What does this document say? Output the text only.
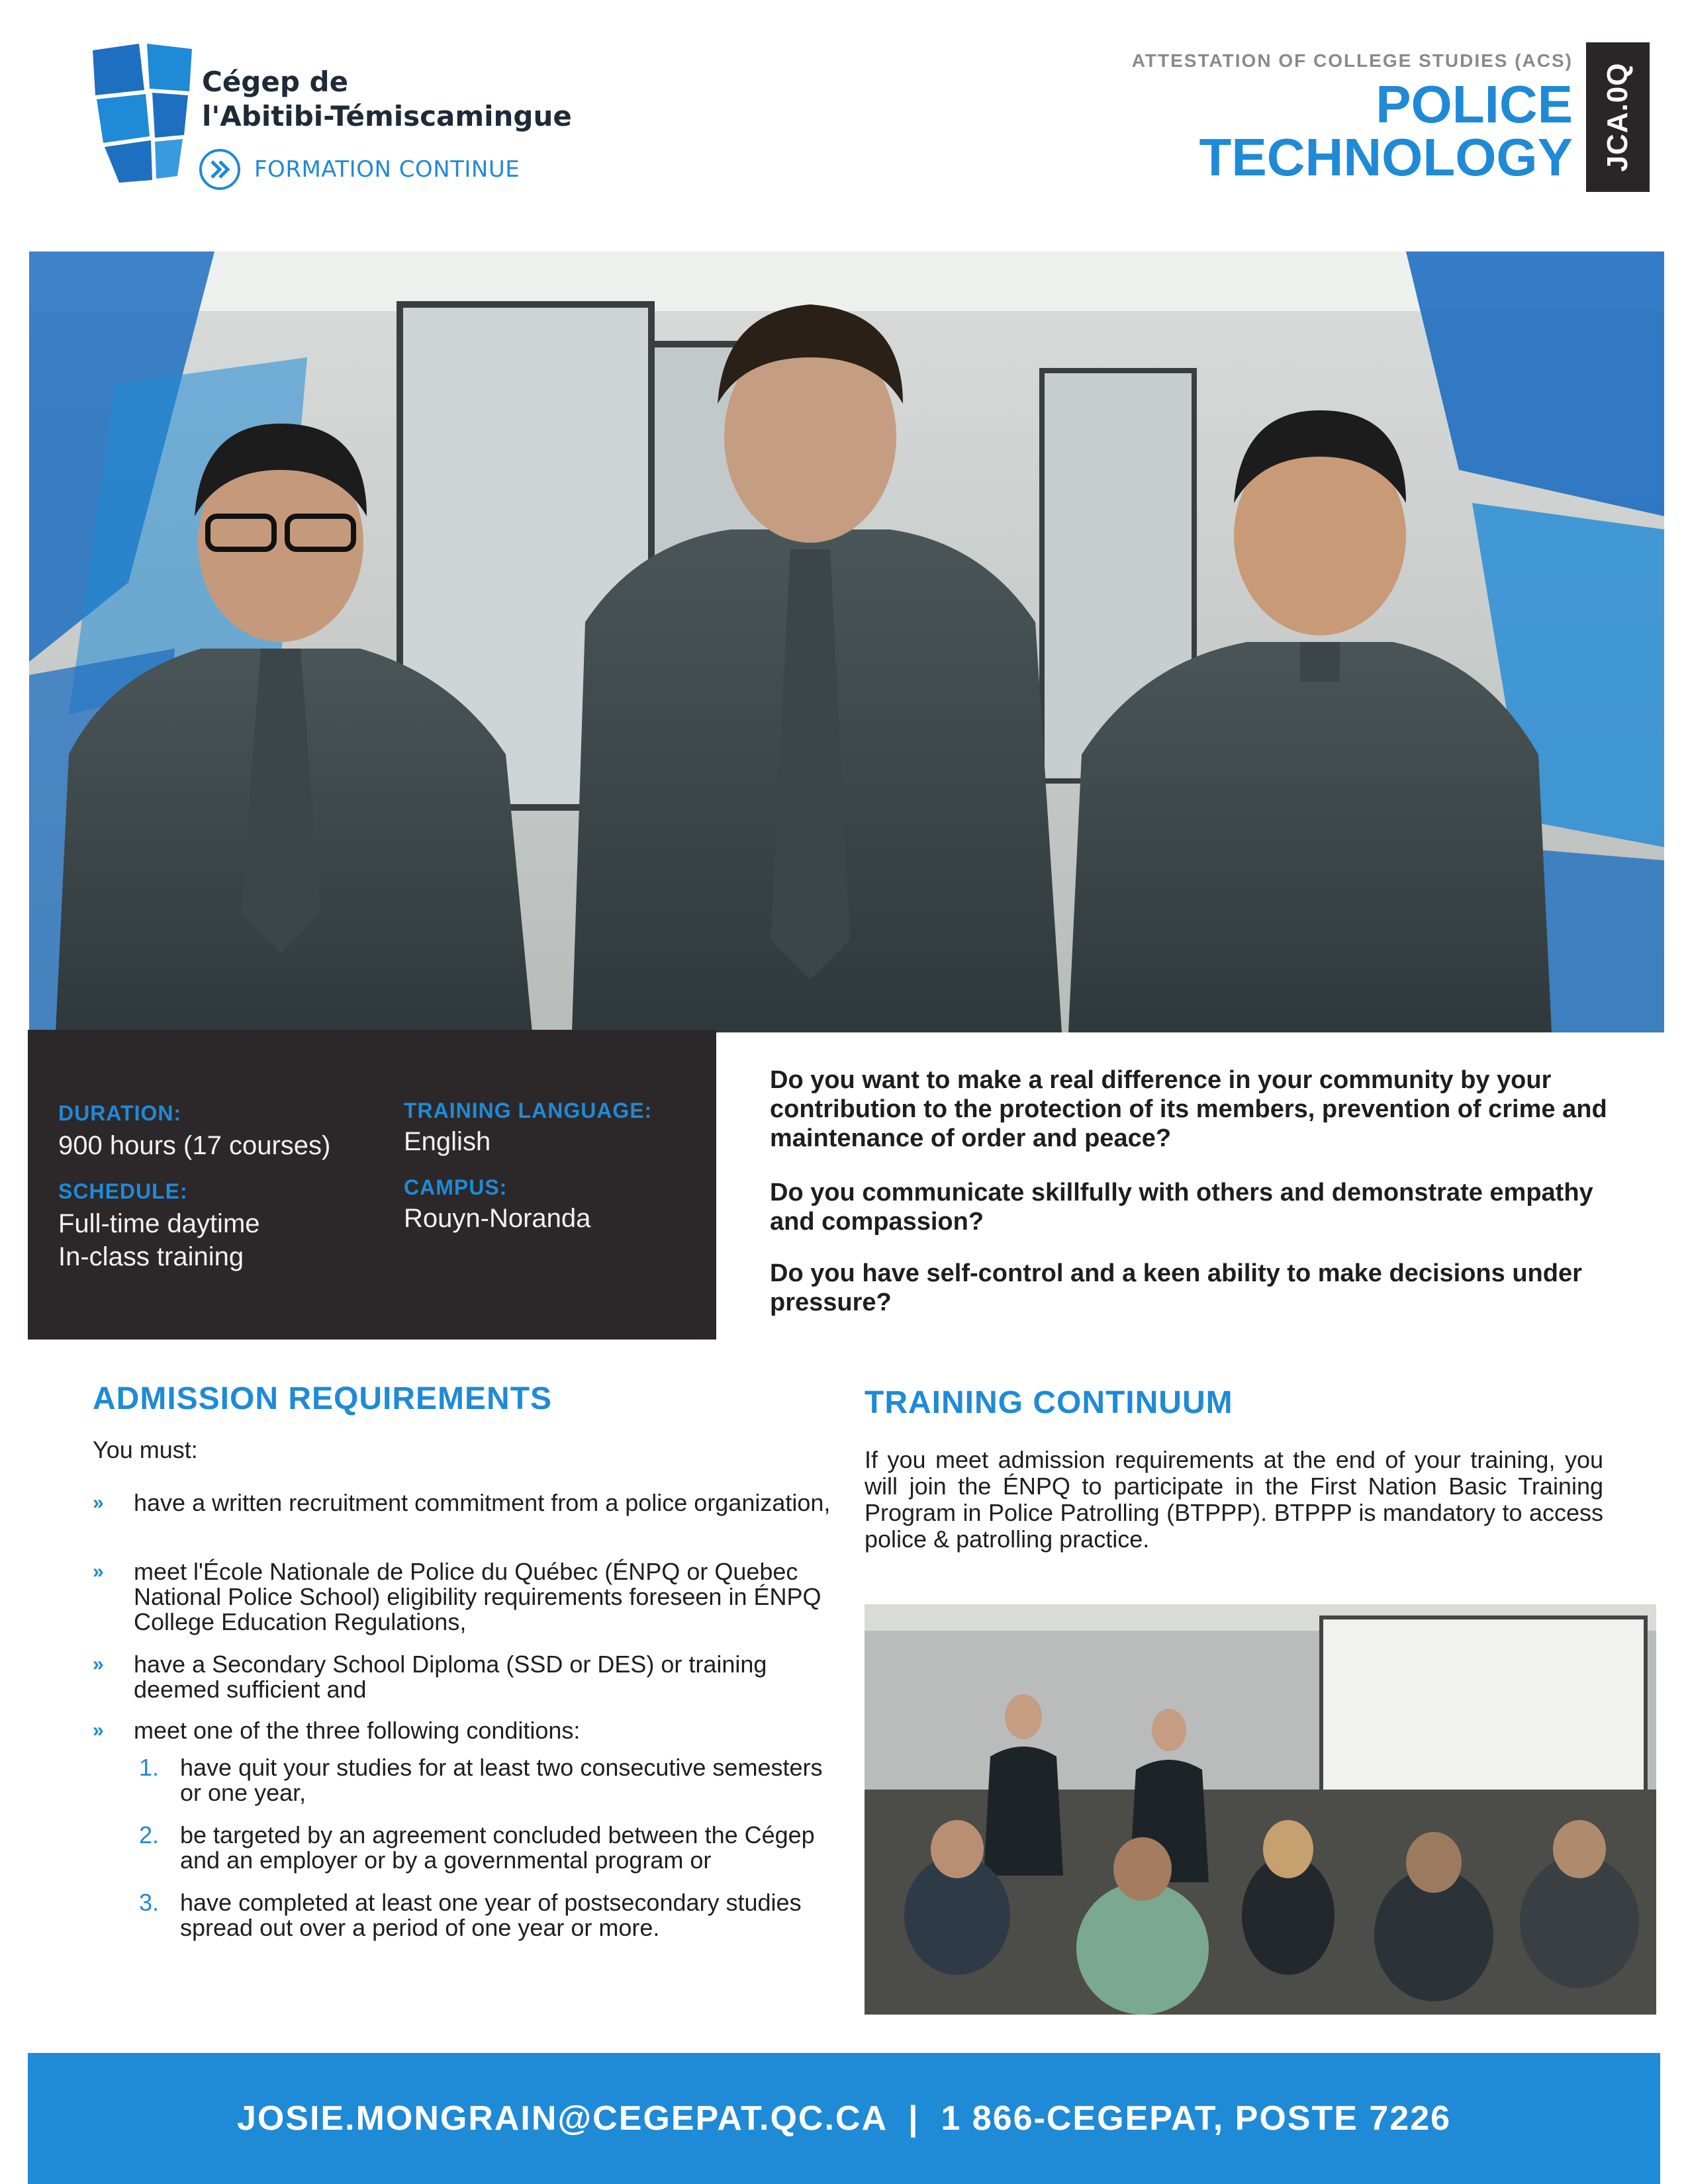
Cégep de
l'Abitibi-Témiscamingue
FORMATION CONTINUE
ATTESTATION OF COLLEGE STUDIES (ACS)
POLICE
TECHNOLOGY JCA.0Q
DURATION:
900 hours (17 courses)
SCHEDULE:
Full-time daytime
In-class training
TRAINING LANGUAGE:
English
CAMPUS:
Rouyn-Noranda
Do you want to make a real difference in your community by your contribution to the protection of its members, prevention of crime and maintenance of order and peace?
Do you communicate skillfully with others and demonstrate empathy and compassion?
Do you have self-control and a keen ability to make decisions under pressure?
ADMISSION REQUIREMENTS
You must:
» have a written recruitment commitment from a police organization,
» meet l'École Nationale de Police du Québec (ÉNPQ or Quebec National Police School) eligibility requirements foreseen in ÉNPQ College Education Regulations,
» have a Secondary School Diploma (SSD or DES) or training deemed sufficient and
» meet one of the three following conditions:
1. have quit your studies for at least two consecutive semesters or one year,
2. be targeted by an agreement concluded between the Cégep and an employer or by a governmental program or
3. have completed at least one year of postsecondary studies spread out over a period of one year or more.
TRAINING CONTINUUM
If you meet admission requirements at the end of your training, you will join the ÉNPQ to participate in the First Nation Basic Training Program in Police Patrolling (BTPPP). BTPPP is mandatory to access police & patrolling practice.
JOSIE.MONGRAIN@CEGEPAT.QC.CA  |  1 866-CEGEPAT, POSTE 7226
